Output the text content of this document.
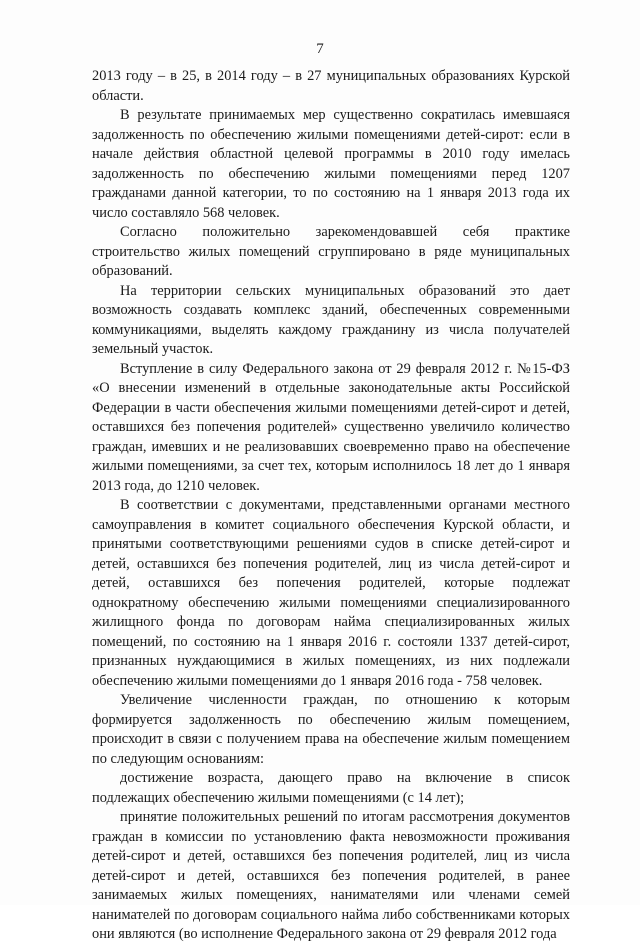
7

2013 году – в 25, в 2014 году – в 27 муниципальных образованиях Курской области.

В результате принимаемых мер существенно сократилась имевшаяся задолженность по обеспечению жилыми помещениями детей-сирот: если в начале действия областной целевой программы в 2010 году имелась задолженность по обеспечению жилыми помещениями перед 1207 гражданами данной категории, то по состоянию на 1 января 2013 года их число составляло 568 человек.

Согласно положительно зарекомендовавшей себя практике строительство жилых помещений сгруппировано в ряде муниципальных образований.

На территории сельских муниципальных образований это дает возможность создавать комплекс зданий, обеспеченных современными коммуникациями, выделять каждому гражданину из числа получателей земельный участок.

Вступление в силу Федерального закона от 29 февраля 2012 г. №15-ФЗ «О внесении изменений в отдельные законодательные акты Российской Федерации в части обеспечения жилыми помещениями детей-сирот и детей, оставшихся без попечения родителей» существенно увеличило количество граждан, имевших и не реализовавших своевременно право на обеспечение жилыми помещениями, за счет тех, которым исполнилось 18 лет до 1 января 2013 года, до 1210 человек.

В соответствии с документами, представленными органами местного самоуправления в комитет социального обеспечения Курской области, и принятыми соответствующими решениями судов в списке детей-сирот и детей, оставшихся без попечения родителей, лиц из числа детей-сирот и детей, оставшихся без попечения родителей, которые подлежат однократному обеспечению жилыми помещениями специализированного жилищного фонда по договорам найма специализированных жилых помещений, по состоянию на 1 января 2016 г. состояли 1337 детей-сирот, признанных нуждающимися в жилых помещениях, из них подлежали обеспечению жилыми помещениями до 1 января 2016 года - 758 человек.

Увеличение численности граждан, по отношению к которым формируется задолженность по обеспечению жилым помещением, происходит в связи с получением права на обеспечение жилым помещением по следующим основаниям:

достижение возраста, дающего право на включение в список подлежащих обеспечению жилыми помещениями (с 14 лет);

принятие положительных решений по итогам рассмотрения документов граждан в комиссии по установлению факта невозможности проживания детей-сирот и детей, оставшихся без попечения родителей, лиц из числа детей-сирот и детей, оставшихся без попечения родителей, в ранее занимаемых жилых помещениях, нанимателями или членами семей нанимателей по договорам социального найма либо собственниками которых они являются (во исполнение Федерального закона от 29 февраля 2012 года
